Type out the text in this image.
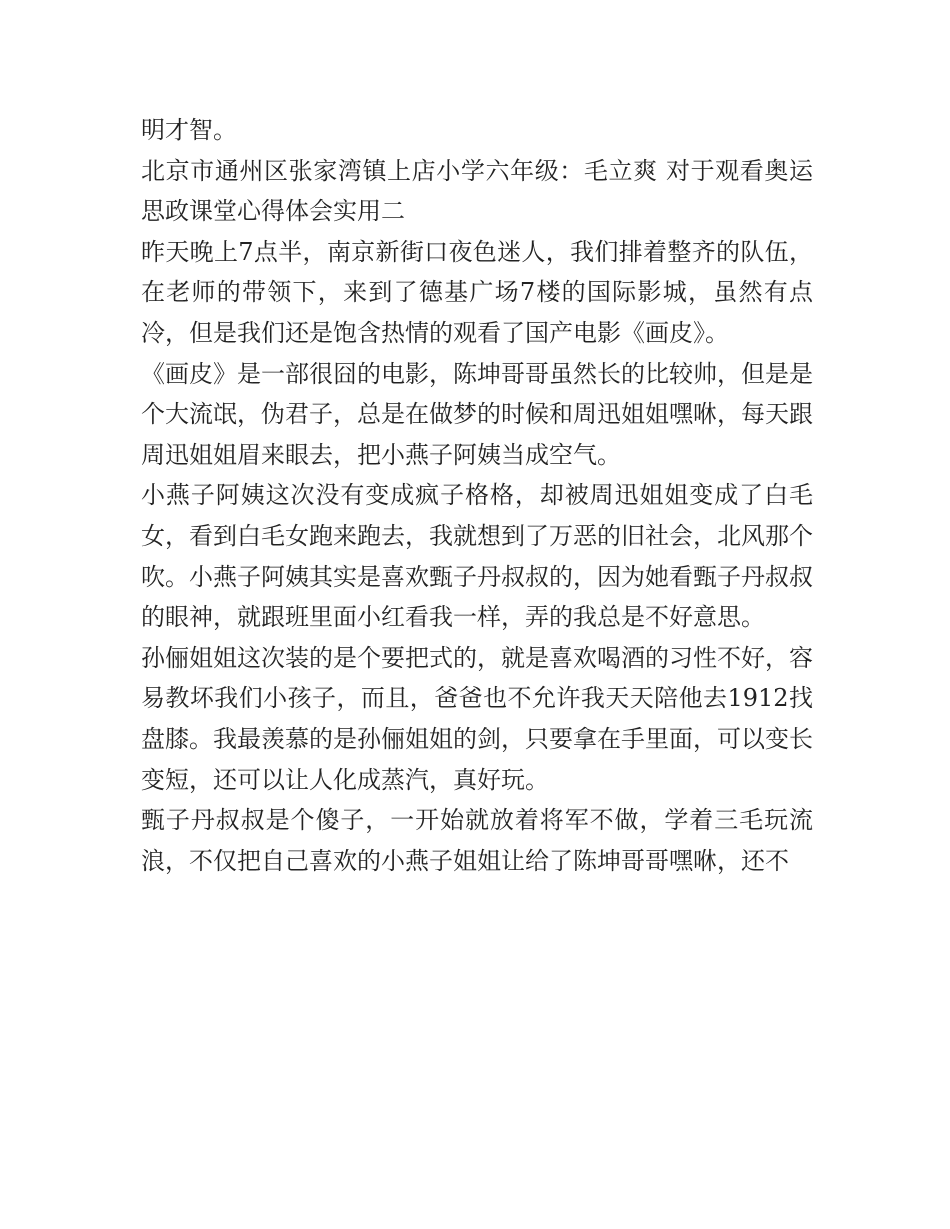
明才智。

北京市通州区张家湾镇上店小学六年级：毛立爽 对于观看奥运思政课堂心得体会实用二

昨天晚上7点半，南京新街口夜色迷人，我们排着整齐的队伍，在老师的带领下，来到了德基广场7楼的国际影城，虽然有点冷，但是我们还是饱含热情的观看了国产电影《画皮》。

《画皮》是一部很囧的电影，陈坤哥哥虽然长的比较帅，但是是个大流氓，伪君子，总是在做梦的时候和周迅姐姐嘿咻，每天跟周迅姐姐眉来眼去，把小燕子阿姨当成空气。

小燕子阿姨这次没有变成疯子格格，却被周迅姐姐变成了白毛女，看到白毛女跑来跑去，我就想到了万恶的旧社会，北风那个吹。小燕子阿姨其实是喜欢甄子丹叔叔的，因为她看甄子丹叔叔的眼神，就跟班里面小红看我一样，弄的我总是不好意思。

孙俪姐姐这次装的是个要把式的，就是喜欢喝酒的习性不好，容易教坏我们小孩子，而且，爸爸也不允许我天天陪他去1912找盘膝。我最羡慕的是孙俪姐姐的剑，只要拿在手里面，可以变长变短，还可以让人化成蒸汽，真好玩。

甄子丹叔叔是个傻子，一开始就放着将军不做，学着三毛玩流浪，不仅把自己喜欢的小燕子姐姐让给了陈坤哥哥嘿咻，还不
